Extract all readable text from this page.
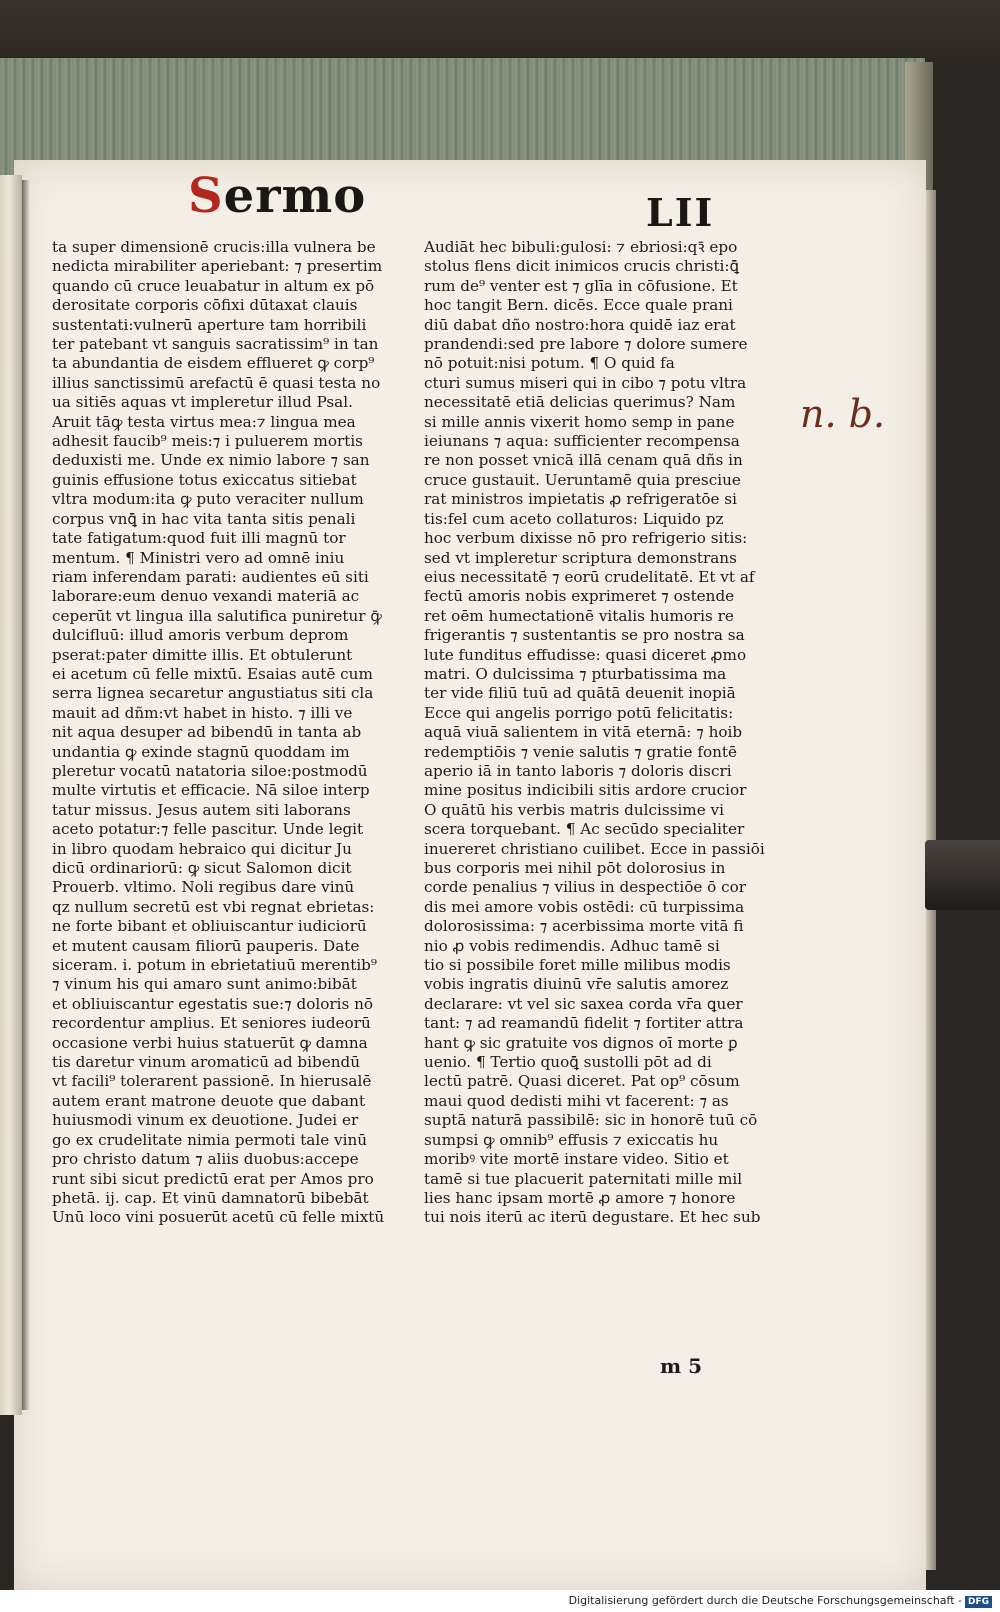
Sermo	LII
n. b.

ta super dimensionē crucis:illa vulnera be

nedicta mirabiliter aperiebant: ⁊ presertim

quando cū cruce leuabatur in altum ex pō

derositate corporis cōfixi dūtaxat clauis

sustentati:vulnerū aperture tam horribili

ter patebant vt sanguis sacratissim⁹ in tan

ta abundantia de eisdem efflueret ꝙ corp⁹

illius sanctissimū arefactū ē quasi testa no

ua sitiēs aquas vt impleretur illud Psal.

Aruit tāꝙ testa virtus mea:⁊ lingua mea

adhesit faucib⁹ meis:⁊ i puluerem mortis

deduxisti me. Unde ex nimio labore ⁊ san

guinis effusione totus exiccatus sitiebat

vltra modum:ita ꝙ puto veraciter nullum

corpus vnꝗ̄ in hac vita tanta sitis penali

tate fatigatum:quod fuit illi magnū tor

mentum. ¶ Ministri vero ad omnē iniu

riam inferendam parati: audientes eū siti

laborare:eum denuo vexandi materiā ac

ceperūt vt lingua illa salutifica puniretur ꝙ̄

dulcifluū: illud amoris verbum deprom

pserat:pater dimitte illis. Et obtulerunt

ei acetum cū felle mixtū. Esaias autē cum

serra lignea secaretur angustiatus siti cla

mauit ad dñm:vt habet in histo. ⁊ illi ve

nit aqua desuper ad bibendū in tanta ab

undantia ꝙ exinde stagnū quoddam im

pleretur vocatū natatoria siloe:postmodū

multe virtutis et efficacie. Nā siloe interp

tatur missus. Jesus autem siti laborans

aceto potatur:⁊ felle pascitur. Unde legit

in libro quodam hebraico qui dicitur Ju

dicū ordinariorū: ꝙ sicut Salomon dicit

Prouerb. vltimo. Noli regibus dare vinū

qz nullum secretū est vbi regnat ebrietas:

ne forte bibant et obliuiscantur iudiciorū

et mutent causam filiorū pauperis. Date

siceram. i. potum in ebrietatiuū merentib⁹

⁊ vinum his qui amaro sunt animo:bibāt

et obliuiscantur egestatis sue:⁊ doloris nō

recordentur amplius. Et seniores iudeorū

occasione verbi huius statuerūt ꝙ damna

tis daretur vinum aromaticū ad bibendū

vt facili⁹ tolerarent passionē. In hierusalē

autem erant matrone deuote que dabant

huiusmodi vinum ex deuotione. Judei er

go ex crudelitate nimia permoti tale vinū

pro christo datum ⁊ aliis duobus:accepe

runt sibi sicut predictū erat per Amos pro

phetā. ij. cap. Et vinū damnatorū bibebāt

Unū loco vini posuerūt acetū cū felle mixtū

Audiāt hec bibuli:gulosi: ⁊ ebriosi:qꝛ̄ epo

stolus flens dicit inimicos crucis christi:ꝗ̄

rum de⁹ venter est ⁊ glīa in cōfusione. Et

hoc tangit Bern. dicēs. Ecce quale prani

diū dabat dño nostro:hora quidē iaz erat

prandendi:sed pre labore ⁊ dolore sumere

nō potuit:nisi potum. ¶ O quid fa

cturi sumus miseri qui in cibo ⁊ potu vltra

necessitatē etiā delicias querimus? Nam

si mille annis vixerit homo semp in pane

ieiunans ⁊ aqua: sufficienter recompensa

re non posset vnicā illā cenam quā dñs in

cruce gustauit. Ueruntamē quia presciue

rat ministros impietatis ꝓ refrigeratōe si

tis:fel cum aceto collaturos: Liquido pz

hoc verbum dixisse nō pro refrigerio sitis:

sed vt impleretur scriptura demonstrans

eius necessitatē ⁊ eorū crudelitatē. Et vt af

fectū amoris nobis exprimeret ⁊ ostende

ret oēm humectationē vitalis humoris re

frigerantis ⁊ sustentantis se pro nostra sa

lute funditus effudisse: quasi diceret ꝓmo

matri. O dulcissima ⁊ pturbatissima ma

ter vide filiū tuū ad quātā deuenit inopiā

Ecce qui angelis porrigo potū felicitatis:

aquā viuā salientem in vitā eternā: ⁊ hoib

redemptiōis ⁊ venie salutis ⁊ gratie fontē

aperio iā in tanto laboris ⁊ doloris discri

mine positus indicibili sitis ardore crucior

O quātū his verbis matris dulcissime vi

scera torquebant. ¶ Ac secūdo specialiter

inuereret christiano cuilibet. Ecce in passiōi

bus corporis mei nihil pōt dolorosius in

corde penalius ⁊ vilius in despectiōe ō cor

dis mei amore vobis ostēdi: cū turpissima

dolorosissima: ⁊ acerbissima morte vitā fi

nio ꝓ vobis redimendis. Adhuc tamē si

tio si possibile foret mille milibus modis

vobis ingratis diuinū vr̄e salutis amorez

declarare: vt vel sic saxea corda vr̄a ꝗuer

tant: ⁊ ad reamandū fidelit ⁊ fortiter attra

hant ꝙ sic gratuite vos dignos oī morte ꝑ

uenio. ¶ Tertio quoꝗ̄ sustolli pōt ad di

lectū patrē. Quasi diceret. Pat op⁹ cōsum

maui quod dedisti mihi vt facerent: ⁊ as

suptā naturā passibilē: sic in honorē tuū cō

sumpsi ꝙ omnib⁹ effusis ⁊ exiccatis hu

moribꝰ vite mortē instare video. Sitio et

tamē si tue placuerit paternitati mille mil

lies hanc ipsam mortē ꝓ amore ⁊ honore

tui nois iterū ac iterū degustare. Et hec sub

m 5
Digitalisierung gefördert durch die Deutsche Forschungsgemeinschaft - DFG
